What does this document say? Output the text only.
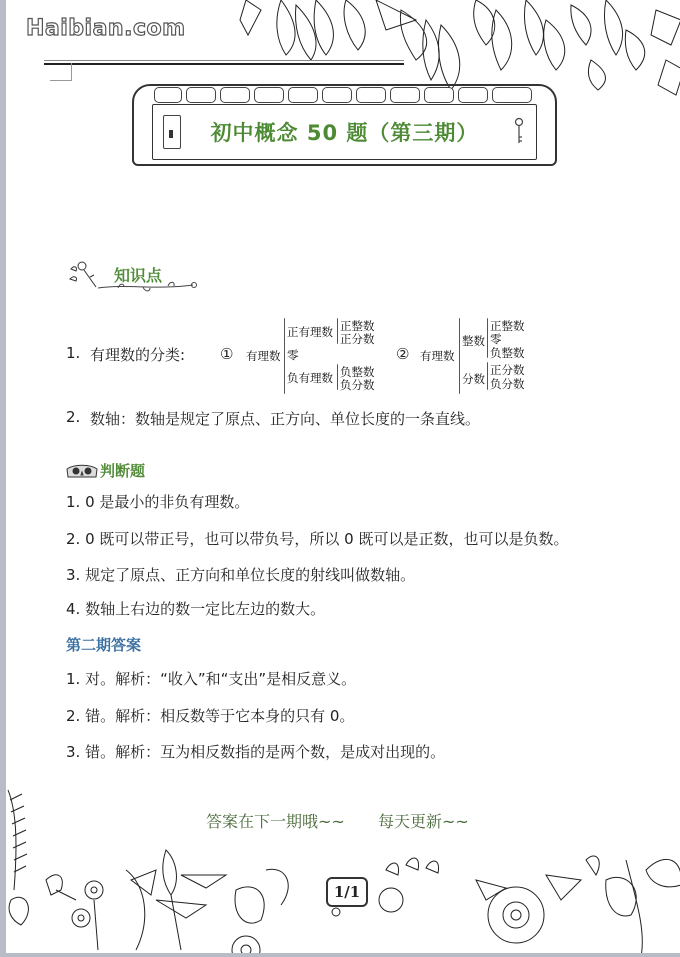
Haibian.com
初中概念 50 题（第三期）
知识点
1. 有理数的分类: ① 有理数
正有理数
零
负有理数
正整数
正分数
负整数
负分数
② 有理数
整数
分数
正整数
零
负整数
正分数
负分数
2. 数轴：数轴是规定了原点、正方向、单位长度的一条直线。
判断题
1. 0 是最小的非负有理数。
2. 0 既可以带正号，也可以带负号，所以 0 既可以是正数，也可以是负数。
3. 规定了原点、正方向和单位长度的射线叫做数轴。
4. 数轴上右边的数一定比左边的数大。
第二期答案
1. 对。解析：“收入”和“支出”是相反意义。
2. 错。解析：相反数等于它本身的只有 0。
3. 错。解析：互为相反数指的是两个数，是成对出现的。
答案在下一期哦~~ 每天更新~~
1/1
